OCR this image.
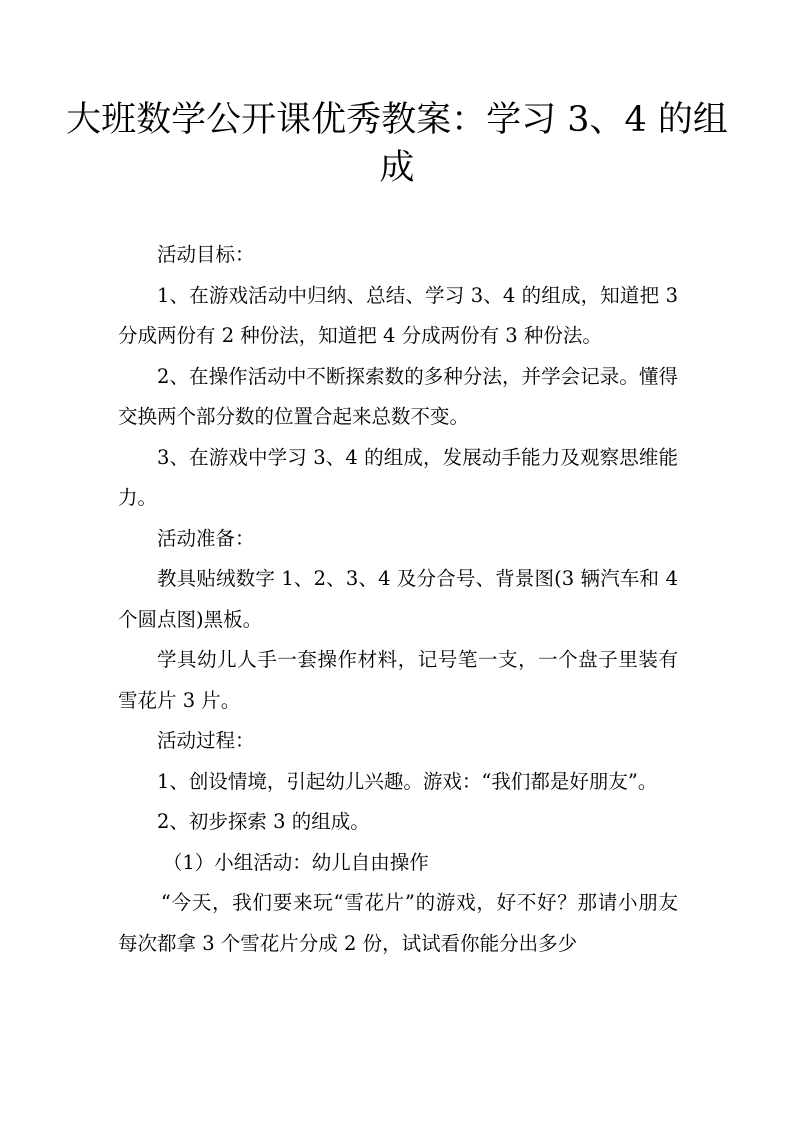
大班数学公开课优秀教案：学习 3、4 的组成

活动目标：

1、在游戏活动中归纳、总结、学习 3、4 的组成，知道把 3 分成两份有 2 种份法，知道把 4 分成两份有 3 种份法。

2、在操作活动中不断探索数的多种分法，并学会记录。懂得交换两个部分数的位置合起来总数不变。

3、在游戏中学习 3、4 的组成，发展动手能力及观察思维能力。

活动准备：

教具贴绒数字 1、2、3、4 及分合号、背景图(3 辆汽车和 4 个圆点图)黑板。

学具幼儿人手一套操作材料，记号笔一支，一个盘子里装有雪花片 3 片。

活动过程：

1、创设情境，引起幼儿兴趣。游戏：“我们都是好朋友”。

2、初步探索 3 的组成。

（1）小组活动：幼儿自由操作

“今天，我们要来玩“雪花片”的游戏，好不好？那请小朋友每次都拿 3 个雪花片分成 2 份，试试看你能分出多少
